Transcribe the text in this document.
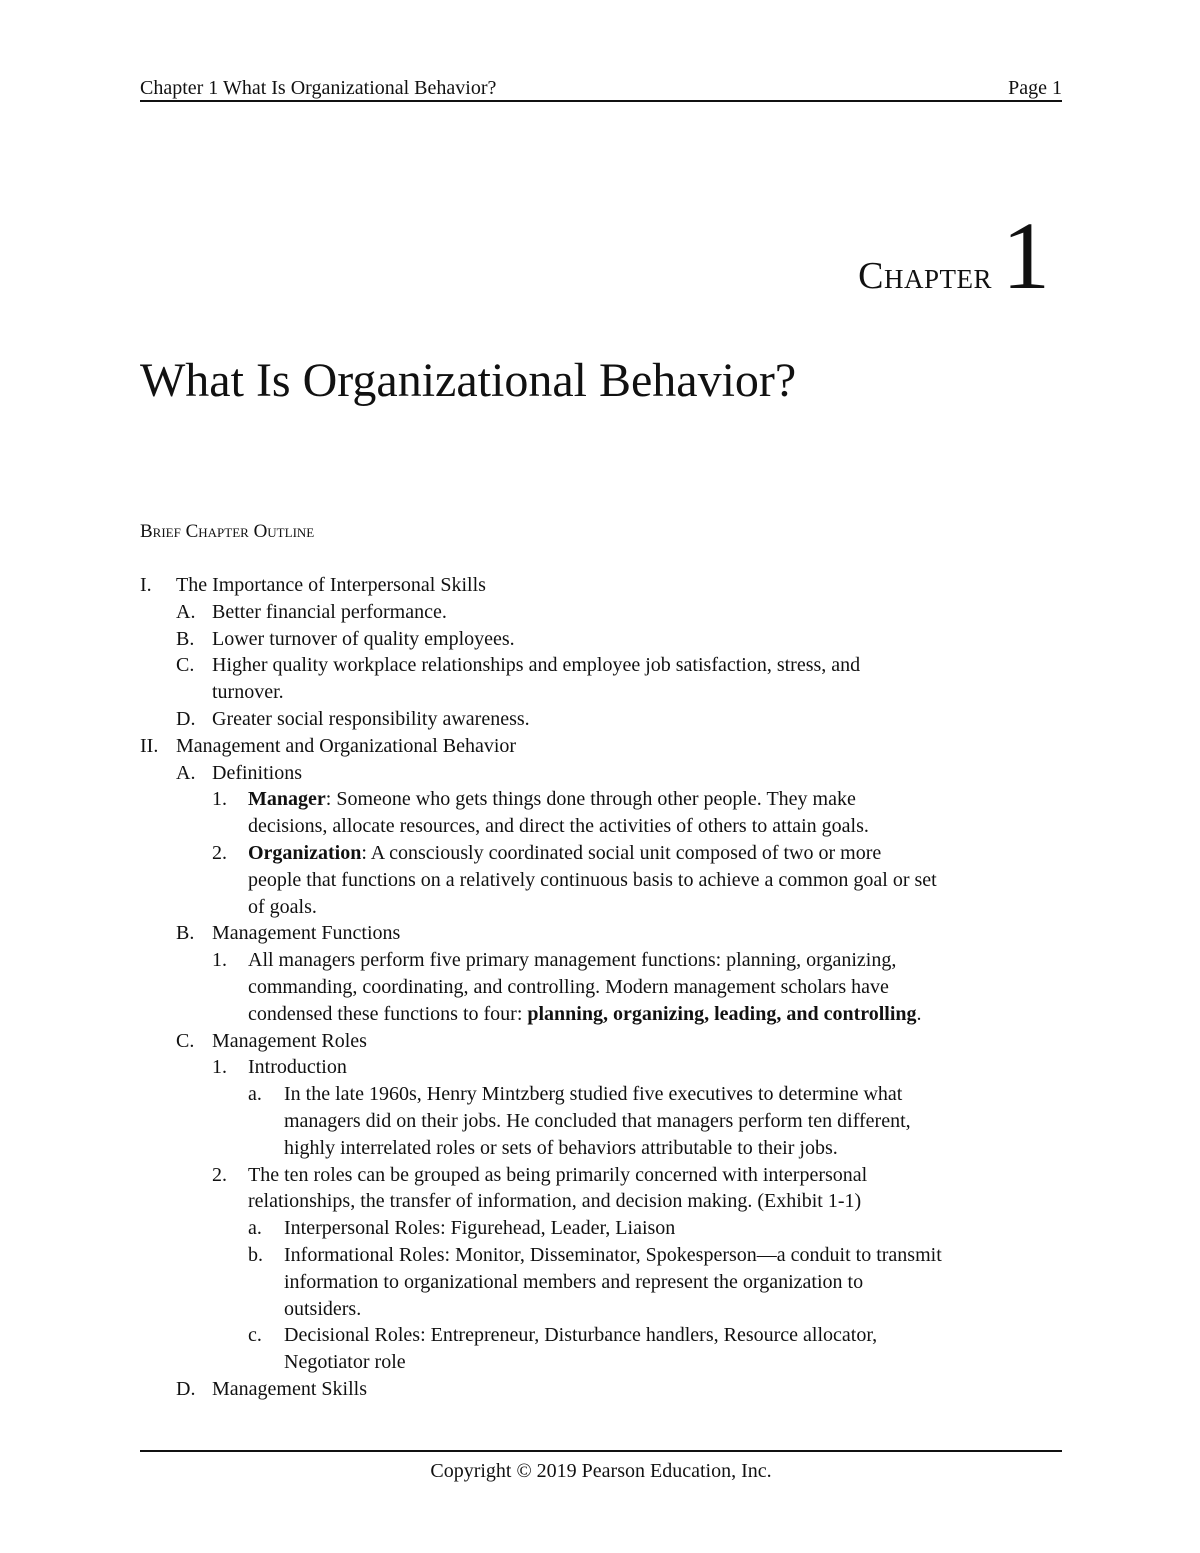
Chapter 1 What Is Organizational Behavior?	Page 1
Chapter 1
What Is Organizational Behavior?
Brief Chapter Outline
I. The Importance of Interpersonal Skills
A. Better financial performance.
B. Lower turnover of quality employees.
C. Higher quality workplace relationships and employee job satisfaction, stress, and
turnover.
D. Greater social responsibility awareness.
II. Management and Organizational Behavior
A. Definitions
1. Manager: Someone who gets things done through other people. They make
decisions, allocate resources, and direct the activities of others to attain goals.
2. Organization: A consciously coordinated social unit composed of two or more
people that functions on a relatively continuous basis to achieve a common goal or set
of goals.
B. Management Functions
1. All managers perform five primary management functions: planning, organizing,
commanding, coordinating, and controlling. Modern management scholars have
condensed these functions to four: planning, organizing, leading, and controlling.
C. Management Roles
1. Introduction
a. In the late 1960s, Henry Mintzberg studied five executives to determine what
managers did on their jobs. He concluded that managers perform ten different,
highly interrelated roles or sets of behaviors attributable to their jobs.
2. The ten roles can be grouped as being primarily concerned with interpersonal
relationships, the transfer of information, and decision making. (Exhibit 1-1)
a. Interpersonal Roles: Figurehead, Leader, Liaison
b. Informational Roles: Monitor, Disseminator, Spokesperson—a conduit to transmit
information to organizational members and represent the organization to
outsiders.
c. Decisional Roles: Entrepreneur, Disturbance handlers, Resource allocator,
Negotiator role
D. Management Skills
Copyright © 2019 Pearson Education, Inc.
